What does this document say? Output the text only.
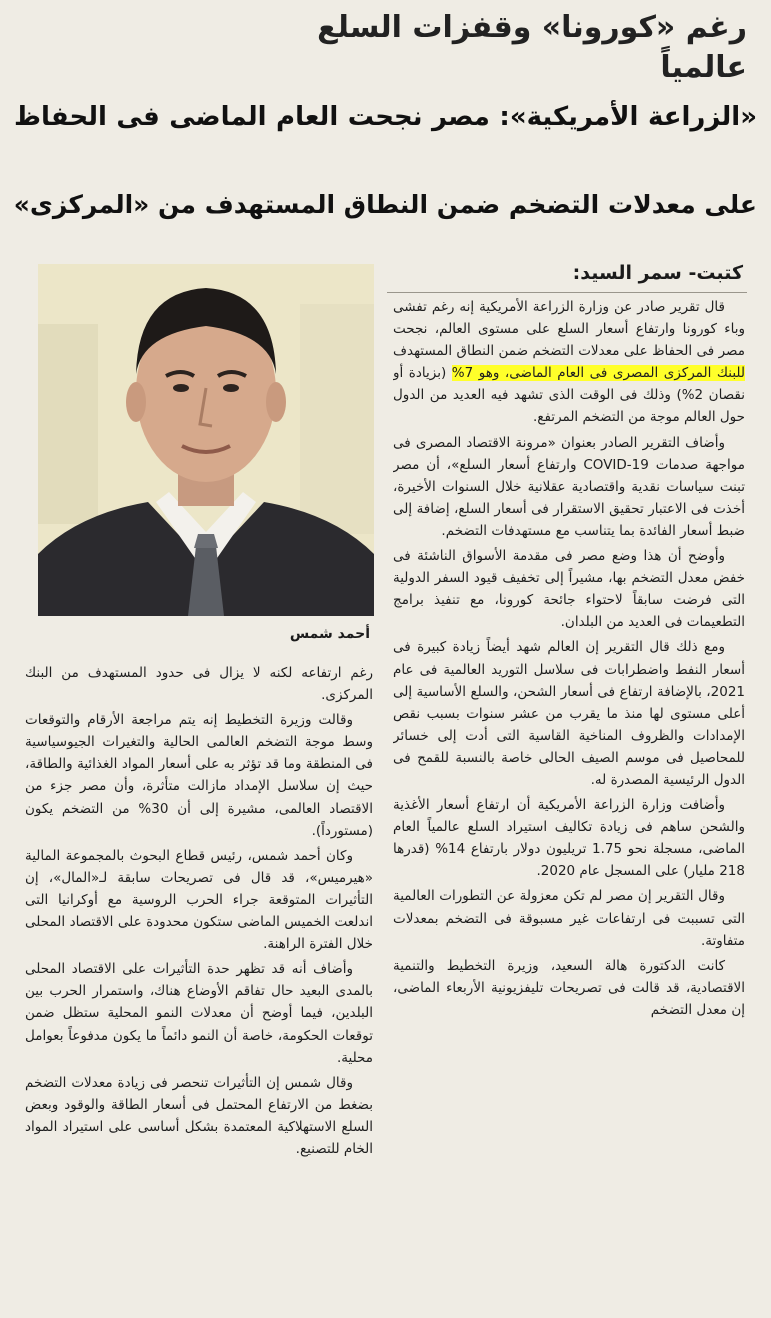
رغم «كورونا» وقفزات السلع عالمياً
«الزراعة الأمريكية»: مصر نجحت العام الماضى فى الحفاظ
على معدلات التضخم ضمن النطاق المستهدف من «المركزى»
كتبت- سمر السيد:
أحمد شمس

قال تقرير صادر عن وزارة الزراعة الأمريكية إنه رغم تفشى وباء كورونا وارتفاع أسعار السلع على مستوى العالم، نجحت مصر فى الحفاظ على معدلات التضخم ضمن النطاق المستهدف للبنك المركزى المصرى فى العام الماضى، وهو 7% (بزيادة أو نقصان 2%) وذلك فى الوقت الذى تشهد فيه العديد من الدول حول العالم موجة من التضخم المرتفع.

وأضاف التقرير الصادر بعنوان «مرونة الاقتصاد المصرى فى مواجهة صدمات COVID-19 وارتفاع أسعار السلع»، أن مصر تبنت سياسات نقدية واقتصادية عقلانية خلال السنوات الأخيرة، أخذت فى الاعتبار تحقيق الاستقرار فى أسعار السلع، إضافة إلى ضبط أسعار الفائدة بما يتناسب مع مستهدفات التضخم.

وأوضح أن هذا وضع مصر فى مقدمة الأسواق الناشئة فى خفض معدل التضخم بها، مشيراً إلى تخفيف قيود السفر الدولية التى فرضت سابقاً لاحتواء جائحة كورونا، مع تنفيذ برامج التطعيمات فى العديد من البلدان.

ومع ذلك قال التقرير إن العالم شهد أيضاً زيادة كبيرة فى أسعار النفط واضطرابات فى سلاسل التوريد العالمية فى عام 2021، بالإضافة ارتفاع فى أسعار الشحن، والسلع الأساسية إلى أعلى مستوى لها منذ ما يقرب من عشر سنوات بسبب نقص الإمدادات والظروف المناخية القاسية التى أدت إلى خسائر للمحاصيل فى موسم الصيف الحالى خاصة بالنسبة للقمح فى الدول الرئيسية المصدرة له.

وأضافت وزارة الزراعة الأمريكية أن ارتفاع أسعار الأغذية والشحن ساهم فى زيادة تكاليف استيراد السلع عالمياً العام الماضى، مسجلة نحو 1.75 تريليون دولار بارتفاع 14% (قدرها 218 مليار) على المسجل عام 2020.

وقال التقرير إن مصر لم تكن معزولة عن التطورات العالمية التى تسببت فى ارتفاعات غير مسبوقة فى التضخم بمعدلات متفاوتة.

كانت الدكتورة هالة السعيد، وزيرة التخطيط والتنمية الاقتصادية، قد قالت فى تصريحات تليفزيونية الأربعاء الماضى، إن معدل التضخم

رغم ارتفاعه لكنه لا يزال فى حدود المستهدف من البنك المركزى.

وقالت وزيرة التخطيط إنه يتم مراجعة الأرقام والتوقعات وسط موجة التضخم العالمى الحالية والتغيرات الجيوسياسية فى المنطقة وما قد تؤثر به على أسعار المواد الغذائية والطاقة، حيث إن سلاسل الإمداد مازالت متأثرة، وأن مصر جزء من الاقتصاد العالمى، مشيرة إلى أن 30% من التضخم يكون (مستورداً).

وكان أحمد شمس، رئيس قطاع البحوث بالمجموعة المالية «هيرميس»، قد قال فى تصريحات سابقة لـ«المال»، إن التأثيرات المتوقعة جراء الحرب الروسية مع أوكرانيا التى اندلعت الخميس الماضى ستكون محدودة على الاقتصاد المحلى خلال الفترة الراهنة.

وأضاف أنه قد تظهر حدة التأثيرات على الاقتصاد المحلى بالمدى البعيد حال تفاقم الأوضاع هناك، واستمرار الحرب بين البلدين، فيما أوضح أن معدلات النمو المحلية ستظل ضمن توقعات الحكومة، خاصة أن النمو دائماً ما يكون مدفوعاً بعوامل محلية.

وقال شمس إن التأثيرات تنحصر فى زيادة معدلات التضخم بضغط من الارتفاع المحتمل فى أسعار الطاقة والوقود وبعض السلع الاستهلاكية المعتمدة بشكل أساسى على استيراد المواد الخام للتصنيع.
